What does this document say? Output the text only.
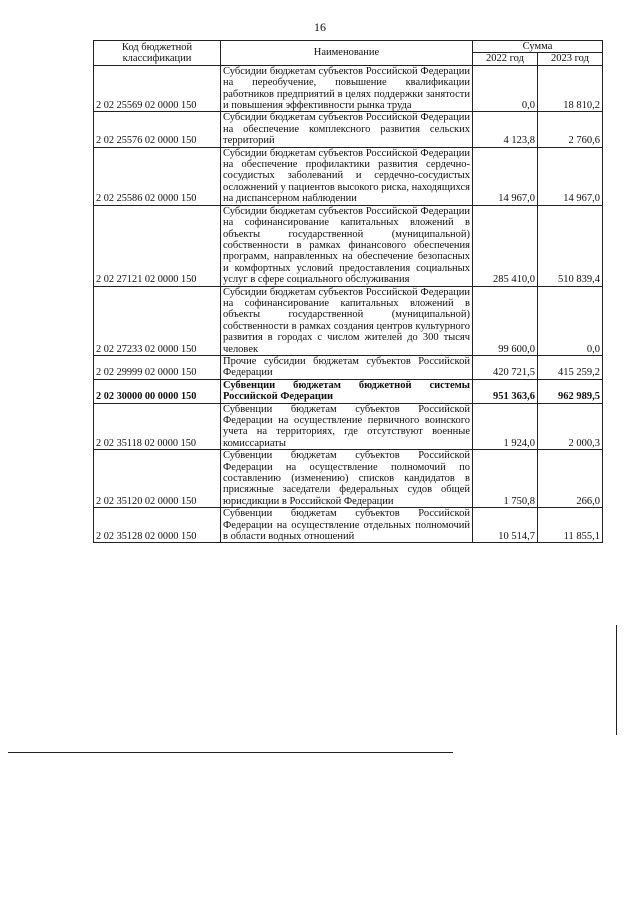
16
Код бюджетной классификации	Наименование	Сумма	
		2022 год	2023 год
2 02 25569 02 0000 150	Субсидии бюджетам субъектов Российской Федерации на переобучение, повышение квалификации работников предприятий в целях поддержки занятости и повышения эффективности рынка труда	0,0	18 810,2
2 02 25576 02 0000 150	Субсидии бюджетам субъектов Российской Федерации на обеспечение комплексного развития сельских территорий	4 123,8	2 760,6
2 02 25586 02 0000 150	Субсидии бюджетам субъектов Российской Федерации на обеспечение профилактики развития сердечно-сосудистых заболеваний и сердечно-сосудистых осложнений у пациентов высокого риска, находящихся на диспансерном наблюдении	14 967,0	14 967,0
2 02 27121 02 0000 150	Субсидии бюджетам субъектов Российской Федерации на софинансирование капитальных вложений в объекты государственной (муниципальной) собственности в рамках финансового обеспечения программ, направленных на обеспечение безопасных и комфортных условий предоставления социальных услуг в сфере социального обслуживания	285 410,0	510 839,4
2 02 27233 02 0000 150	Субсидии бюджетам субъектов Российской Федерации на софинансирование капитальных вложений в объекты государственной (муниципальной) собственности в рамках создания центров культурного развития в городах с числом жителей до 300 тысяч человек	99 600,0	0,0
2 02 29999 02 0000 150	Прочие субсидии бюджетам субъектов Российской Федерации	420 721,5	415 259,2
2 02 30000 00 0000 150	Субвенции бюджетам бюджетной системы Российской Федерации	951 363,6	962 989,5
2 02 35118 02 0000 150	Субвенции бюджетам субъектов Российской Федерации на осуществление первичного воинского учета на территориях, где отсутствуют военные комиссариаты	1 924,0	2 000,3
2 02 35120 02 0000 150	Субвенции бюджетам субъектов Российской Федерации на осуществление полномочий по составлению (изменению) списков кандидатов в присяжные заседатели федеральных судов общей юрисдикции в Российской Федерации	1 750,8	266,0
2 02 35128 02 0000 150	Субвенции бюджетам субъектов Российской Федерации на осуществление отдельных полномочий в области водных отношений	10 514,7	11 855,1
